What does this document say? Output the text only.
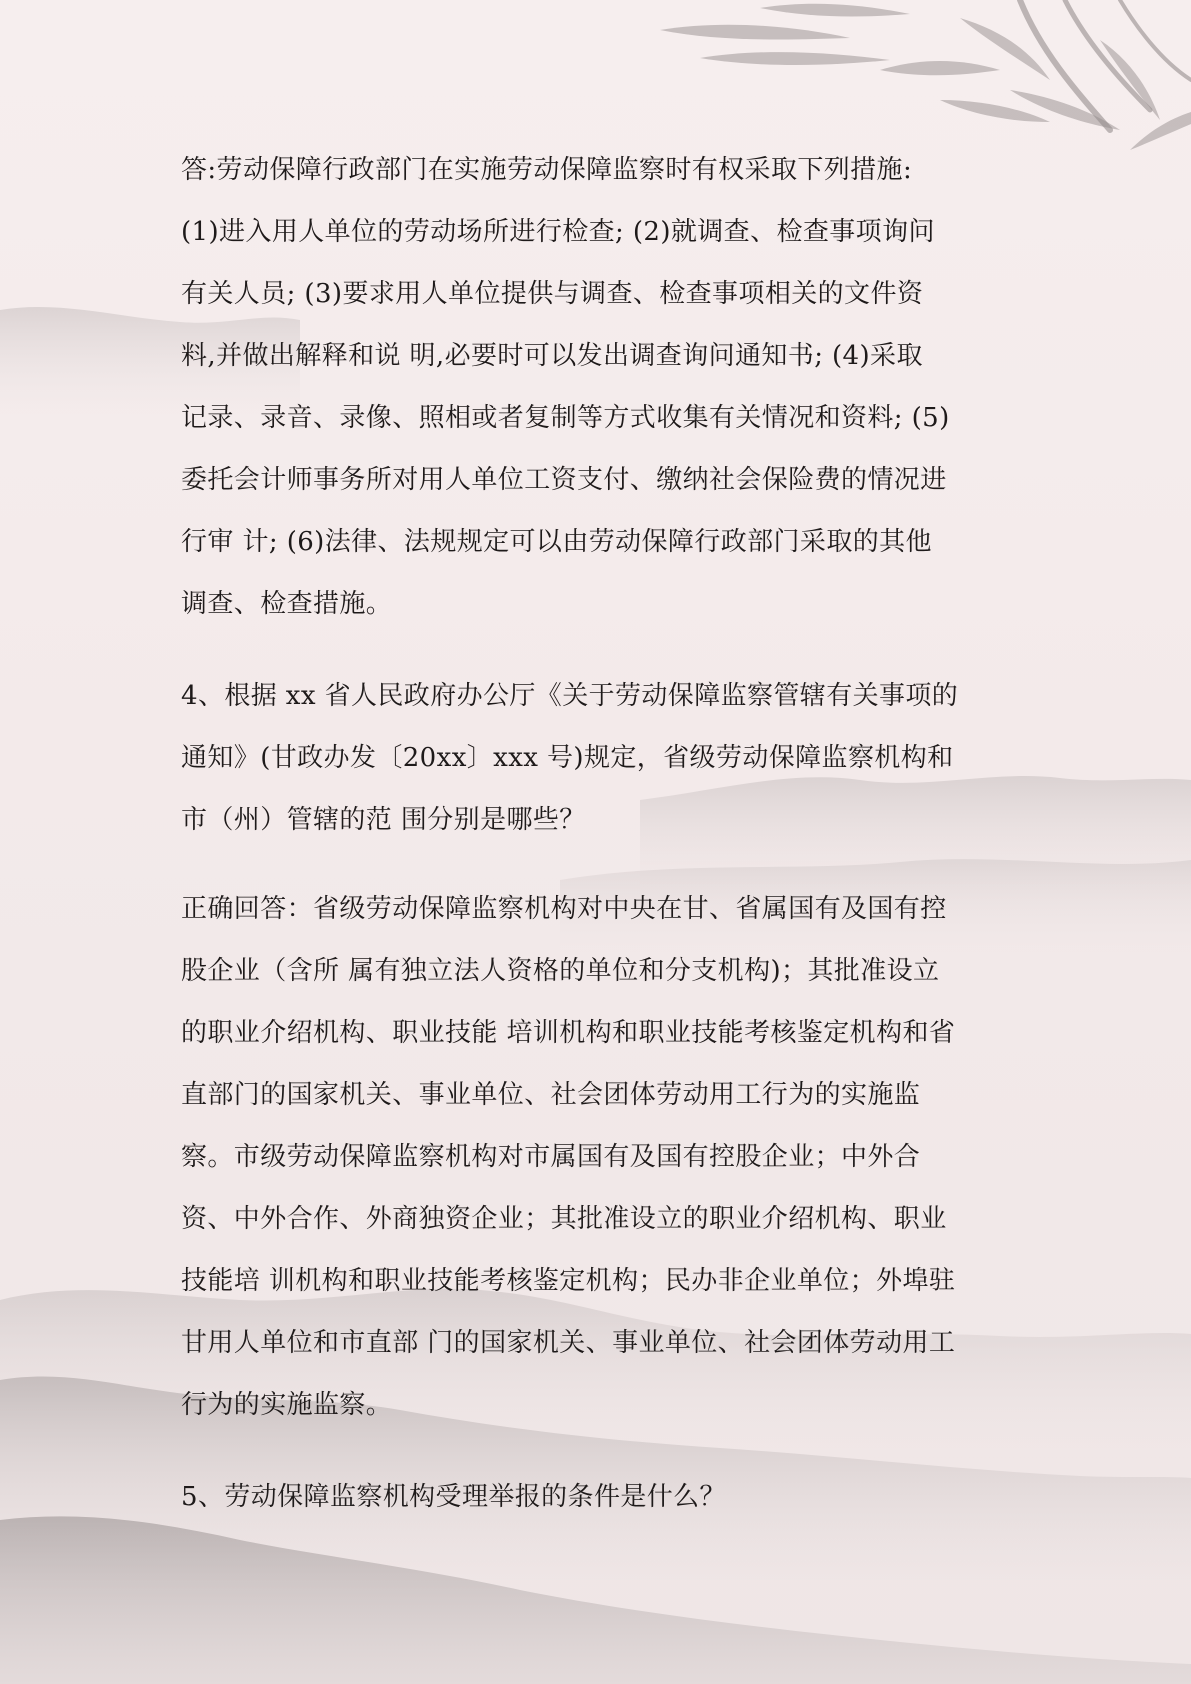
答:劳动保障行政部门在实施劳动保障监察时有权采取下列措施:
(1)进入用人单位的劳动场所进行检查; (2)就调查、检查事项询问
有关人员; (3)要求用人单位提供与调查、检查事项相关的文件资
料,并做出解释和说 明,必要时可以发出调查询问通知书; (4)采取
记录、录音、录像、照相或者复制等方式收集有关情况和资料; (5)
委托会计师事务所对用人单位工资支付、缴纳社会保险费的情况进
行审 计; (6)法律、法规规定可以由劳动保障行政部门采取的其他
调查、检查措施。
4、根据 xx 省人民政府办公厅《关于劳动保障监察管辖有关事项的
通知》(甘政办发〔20xx〕xxx 号)规定，省级劳动保障监察机构和
市（州）管辖的范 围分别是哪些？
正确回答：省级劳动保障监察机构对中央在甘、省属国有及国有控
股企业（含所 属有独立法人资格的单位和分支机构)；其批准设立
的职业介绍机构、职业技能 培训机构和职业技能考核鉴定机构和省
直部门的国家机关、事业单位、社会团体劳动用工行为的实施监
察。市级劳动保障监察机构对市属国有及国有控股企业；中外合
资、中外合作、外商独资企业；其批准设立的职业介绍机构、职业
技能培 训机构和职业技能考核鉴定机构；民办非企业单位；外埠驻
甘用人单位和市直部 门的国家机关、事业单位、社会团体劳动用工
行为的实施监察。
5、劳动保障监察机构受理举报的条件是什么？
